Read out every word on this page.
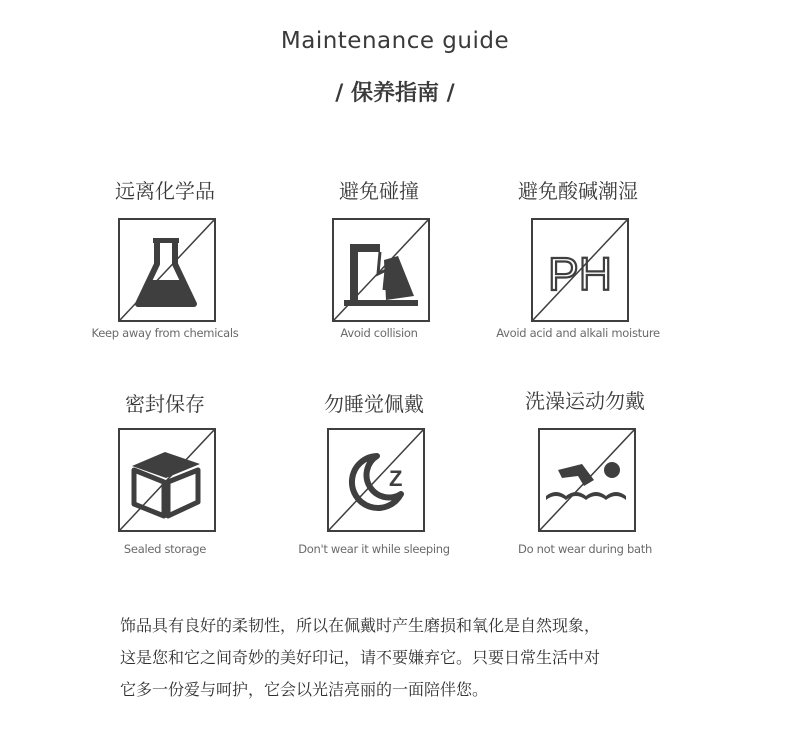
Maintenance guide
/ 保养指南 /
远离化学品
Keep away from chemicals
避免碰撞
Avoid collision
避免酸碱潮湿
PH
Avoid acid and alkali moisture
密封保存
Sealed storage
勿睡觉佩戴
Z
Don't wear it while sleeping
洗澡运动勿戴
Do not wear during bath
饰品具有良好的柔韧性，所以在佩戴时产生磨损和氧化是自然现象，
这是您和它之间奇妙的美好印记，请不要嫌弃它。只要日常生活中对
它多一份爱与呵护，它会以光洁亮丽的一面陪伴您。
